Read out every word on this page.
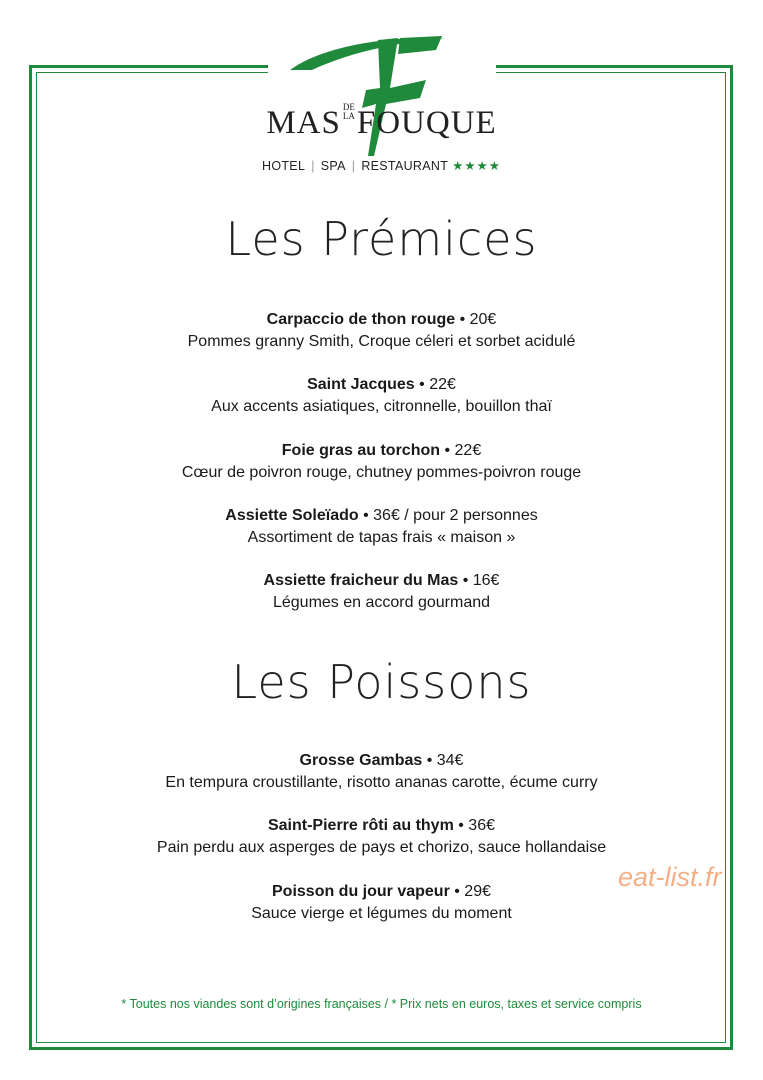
MAS DE
LAFOUQUE
HOTEL | SPA | RESTAURANT ★★★★
Les Prémices
Carpaccio de thon rouge • 20€
Pommes granny Smith, Croque céleri et sorbet acidulé
Saint Jacques • 22€
Aux accents asiatiques, citronnelle, bouillon thaï
Foie gras au torchon • 22€
Cœur de poivron rouge, chutney pommes-poivron rouge
Assiette Soleïado • 36€ / pour 2 personnes
Assortiment de tapas frais « maison »
Assiette fraicheur du Mas • 16€
Légumes en accord gourmand
Les Poissons
Grosse Gambas • 34€
En tempura croustillante, risotto ananas carotte, écume curry
Saint-Pierre rôti au thym • 36€
Pain perdu aux asperges de pays et chorizo, sauce hollandaise
Poisson du jour vapeur • 29€
Sauce vierge et légumes du moment
eat-list.fr
* Toutes nos viandes sont d’origines françaises / * Prix nets en euros, taxes et service compris
